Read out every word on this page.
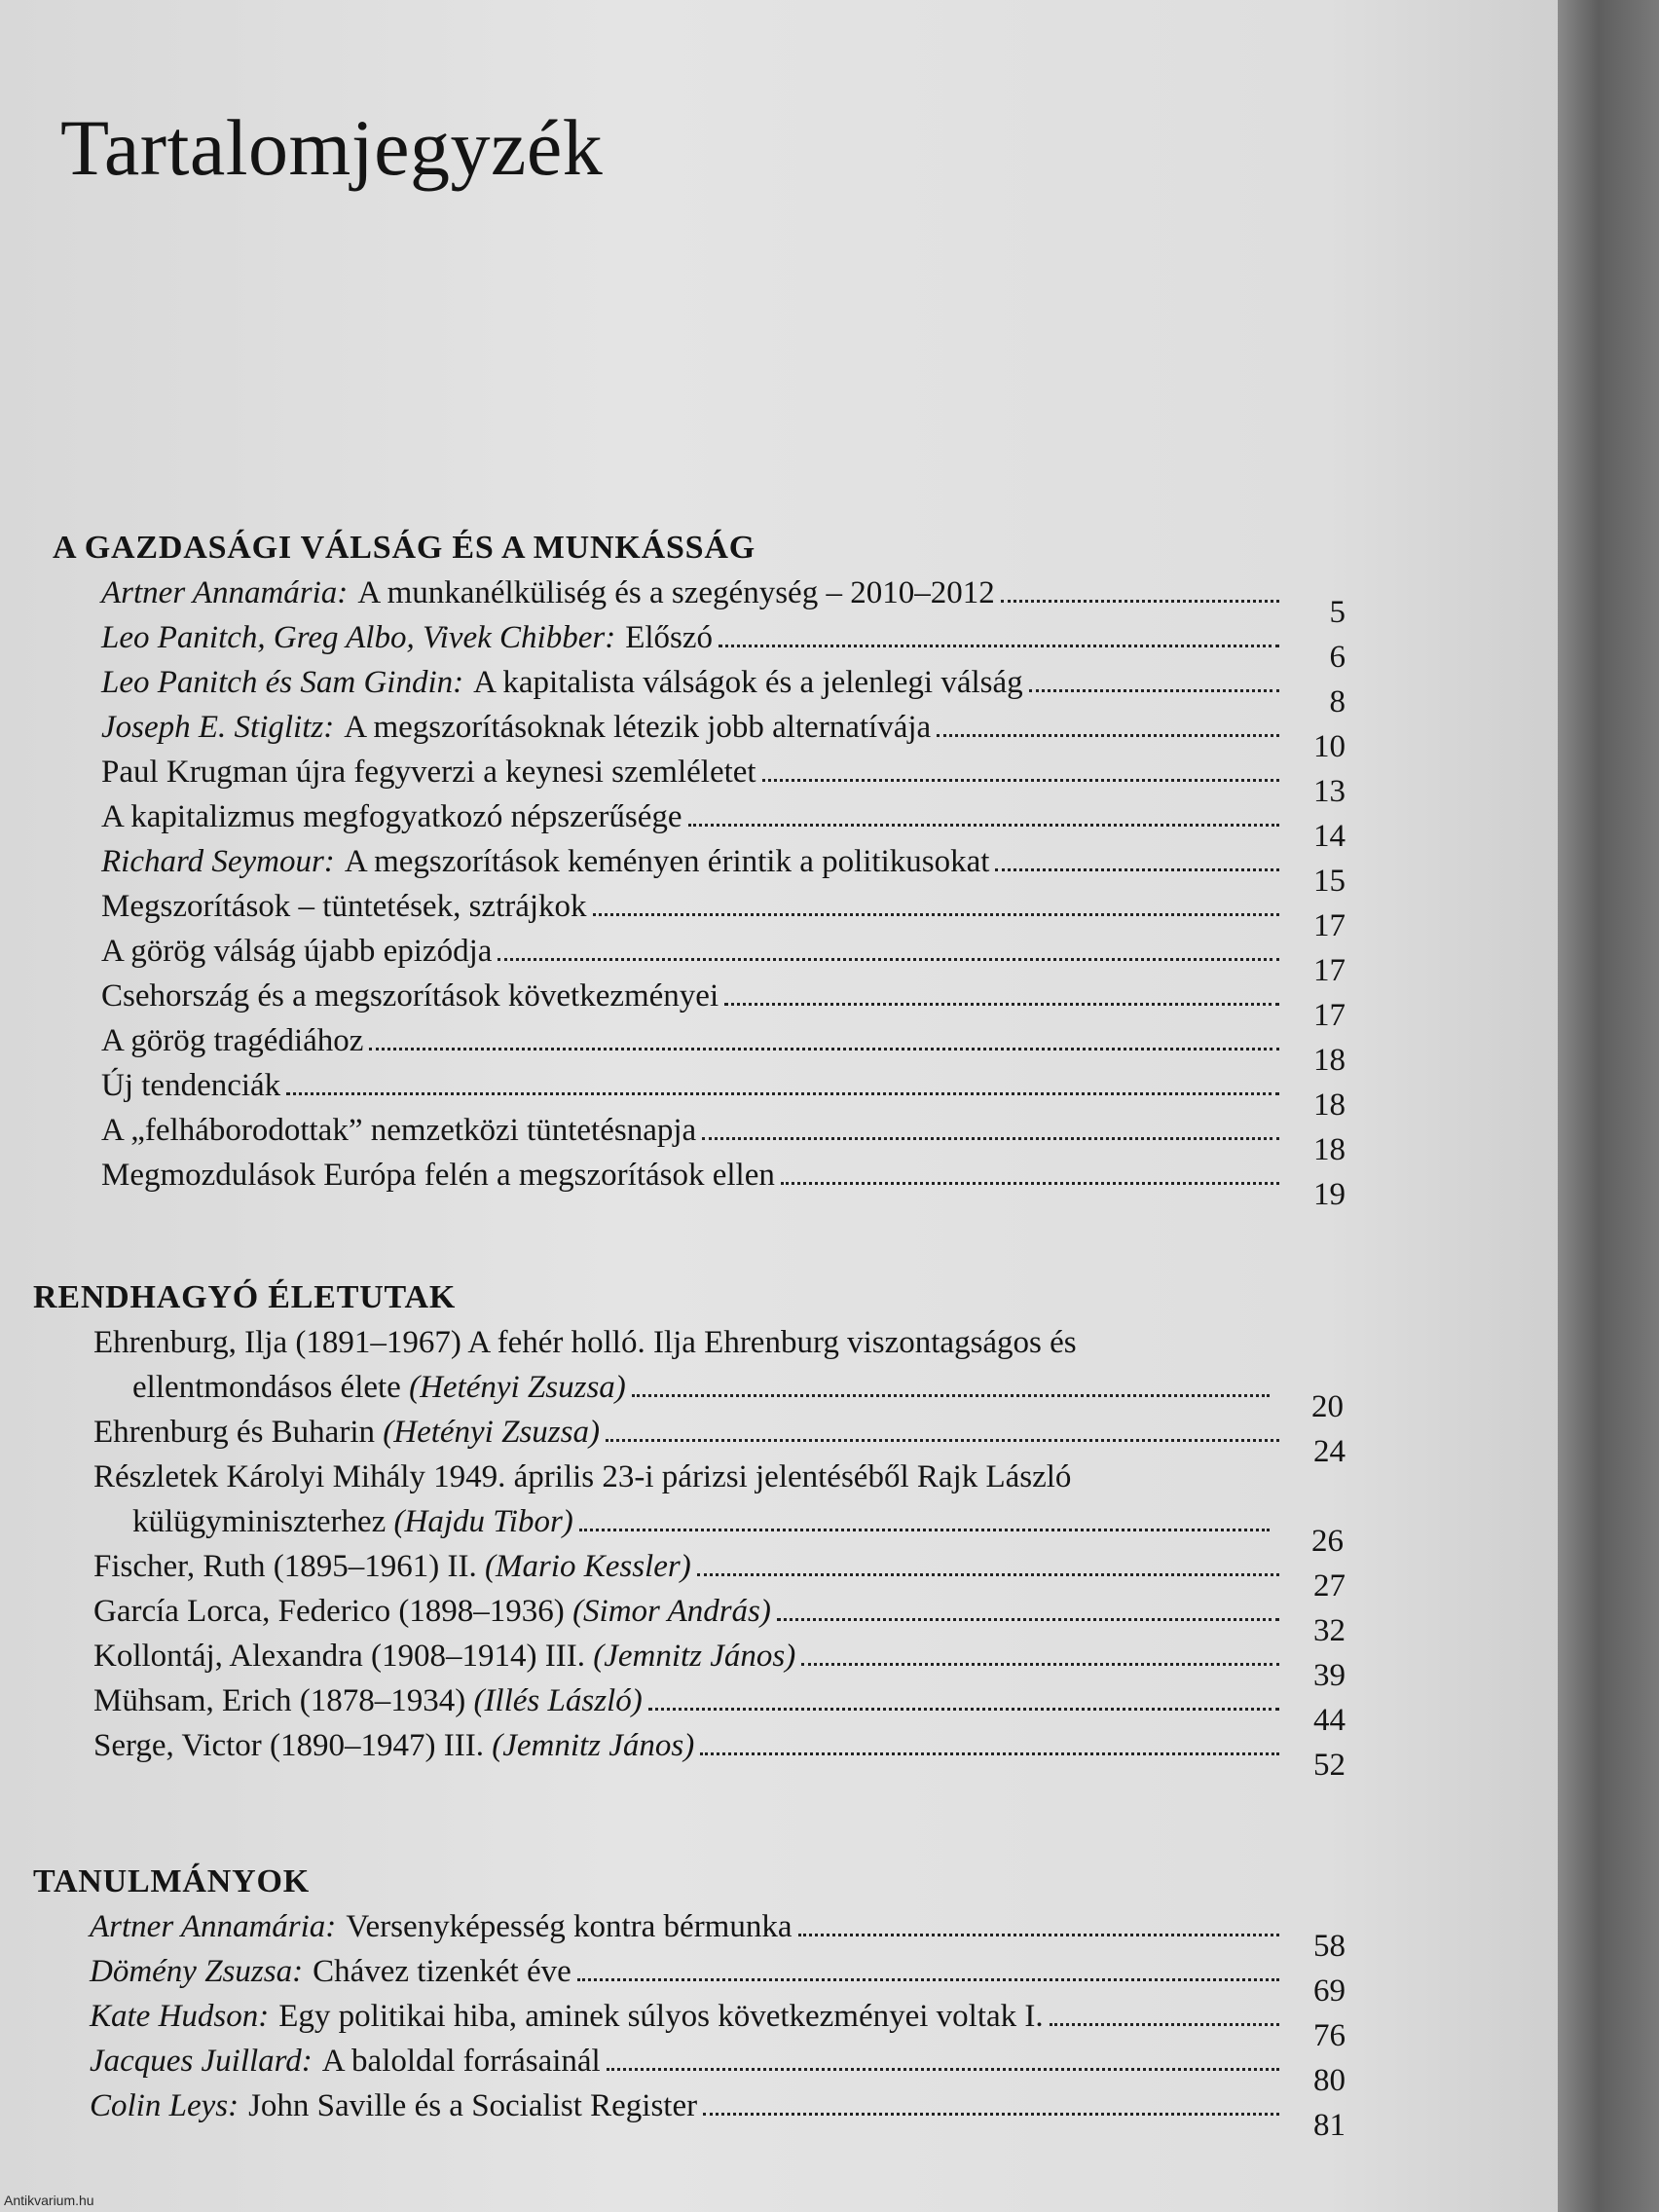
Tartalomjegyzék
A GAZDASÁGI VÁLSÁG ÉS A MUNKÁSSÁG
Artner Annamária: A munkanélküliség és a szegénység – 2010–2012
5
Leo Panitch, Greg Albo, Vivek Chibber: Előszó
6
Leo Panitch és Sam Gindin: A kapitalista válságok és a jelenlegi válság
8
Joseph E. Stiglitz: A megszorításoknak létezik jobb alternatívája
10
Paul Krugman újra fegyverzi a keynesi szemléletet
13
A kapitalizmus megfogyatkozó népszerűsége
14
Richard Seymour: A megszorítások keményen érintik a politikusokat
15
Megszorítások – tüntetések, sztrájkok
17
A görög válság újabb epizódja
17
Csehország és a megszorítások következményei
17
A görög tragédiához
18
Új tendenciák
18
A „felháborodottak” nemzetközi tüntetésnapja
18
Megmozdulások Európa felén a megszorítások ellen
19
RENDHAGYÓ ÉLETUTAK
Ehrenburg, Ilja (1891–1967) A fehér holló. Ilja Ehrenburg viszontagságos és
ellentmondásos élete
(Hetényi Zsuzsa)
20
Ehrenburg és Buharin
(Hetényi Zsuzsa)
24
Részletek Károlyi Mihály 1949. április 23-i párizsi jelentéséből Rajk László
külügyminiszterhez
(Hajdu Tibor)
26
Fischer, Ruth (1895–1961) II.
(Mario Kessler)
27
García Lorca, Federico (1898–1936)
(Simor András)
32
Kollontáj, Alexandra (1908–1914) III.
(Jemnitz János)
39
Mühsam, Erich (1878–1934)
(Illés László)
44
Serge, Victor (1890–1947) III.
(Jemnitz János)
52
TANULMÁNYOK
Artner Annamária: Versenyképesség kontra bérmunka
58
Dömény Zsuzsa: Chávez tizenkét éve
69
Kate Hudson: Egy politikai hiba, aminek súlyos következményei voltak I.
76
Jacques Juillard: A baloldal forrásainál
80
Colin Leys: John Saville és a Socialist Register
81
Antikvarium.hu
